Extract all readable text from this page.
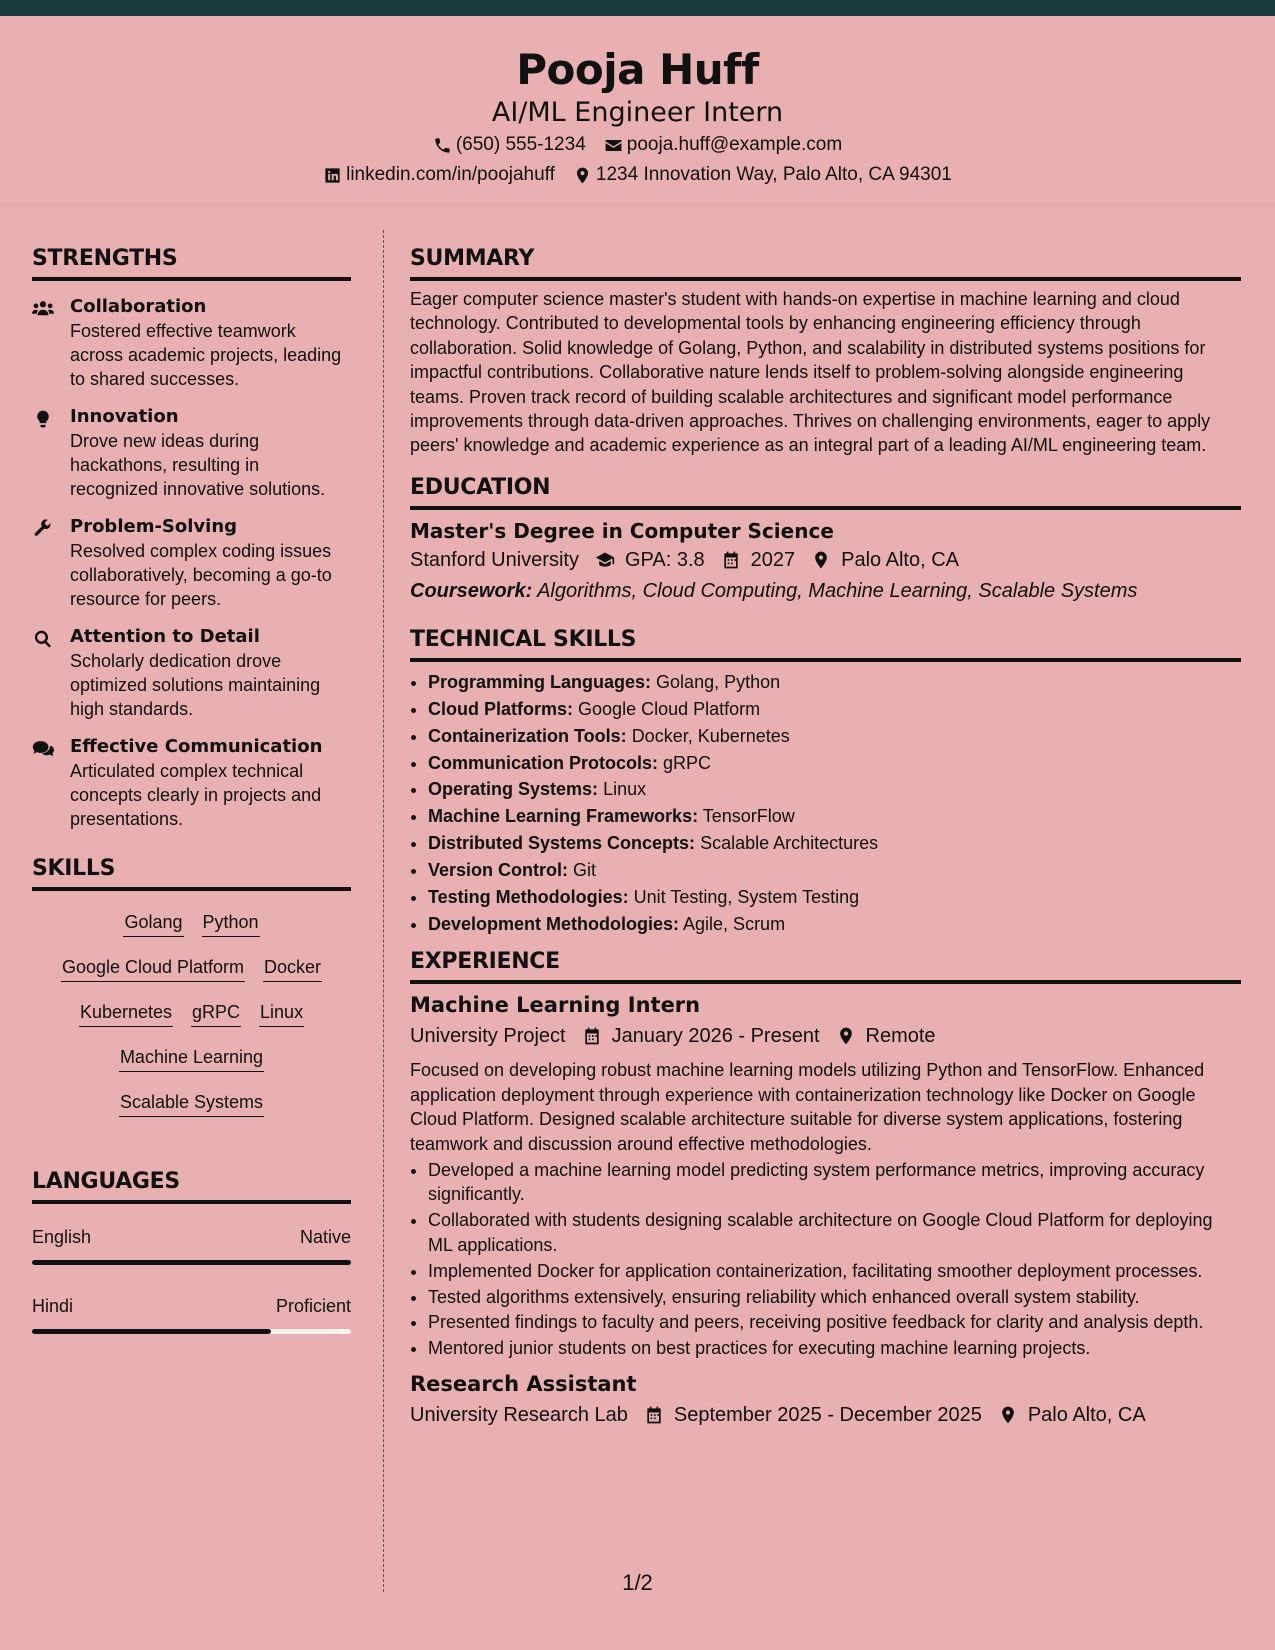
Pooja Huff
AI/ML Engineer Intern
(650) 555-1234 pooja.huff@example.com
linkedin.com/in/poojahuff 1234 Innovation Way, Palo Alto, CA 94301
STRENGTHS
Collaboration
Fostered effective teamwork across academic projects, leading to shared successes.
Innovation
Drove new ideas during hackathons, resulting in recognized innovative solutions.
Problem-Solving
Resolved complex coding issues collaboratively, becoming a go-to resource for peers.
Attention to Detail
Scholarly dedication drove optimized solutions maintaining high standards.
Effective Communication
Articulated complex technical concepts clearly in projects and presentations.
SKILLS
Golang Python
Google Cloud Platform Docker
Kubernetes gRPC Linux
Machine Learning
Scalable Systems
LANGUAGES
English	Native
Hindi	Proficient
SUMMARY
Eager computer science master's student with hands-on expertise in machine learning and cloud technology. Contributed to developmental tools by enhancing engineering efficiency through collaboration. Solid knowledge of Golang, Python, and scalability in distributed systems positions for impactful contributions. Collaborative nature lends itself to problem-solving alongside engineering teams. Proven track record of building scalable architectures and significant model performance improvements through data-driven approaches. Thrives on challenging environments, eager to apply peers' knowledge and academic experience as an integral part of a leading AI/ML engineering team.
EDUCATION
Master's Degree in Computer Science
Stanford University GPA: 3.8 2027 Palo Alto, CA
Coursework: Algorithms, Cloud Computing, Machine Learning, Scalable Systems
TECHNICAL SKILLS
• Programming Languages: Golang, Python
• Cloud Platforms: Google Cloud Platform
• Containerization Tools: Docker, Kubernetes
• Communication Protocols: gRPC
• Operating Systems: Linux
• Machine Learning Frameworks: TensorFlow
• Distributed Systems Concepts: Scalable Architectures
• Version Control: Git
• Testing Methodologies: Unit Testing, System Testing
• Development Methodologies: Agile, Scrum
EXPERIENCE
Machine Learning Intern
University Project January 2026 - Present Remote
Focused on developing robust machine learning models utilizing Python and TensorFlow. Enhanced application deployment through experience with containerization technology like Docker on Google Cloud Platform. Designed scalable architecture suitable for diverse system applications, fostering teamwork and discussion around effective methodologies.
• Developed a machine learning model predicting system performance metrics, improving accuracy significantly.
• Collaborated with students designing scalable architecture on Google Cloud Platform for deploying ML applications.
• Implemented Docker for application containerization, facilitating smoother deployment processes.
• Tested algorithms extensively, ensuring reliability which enhanced overall system stability.
• Presented findings to faculty and peers, receiving positive feedback for clarity and analysis depth.
• Mentored junior students on best practices for executing machine learning projects.
Research Assistant
University Research Lab September 2025 - December 2025 Palo Alto, CA
1/2
